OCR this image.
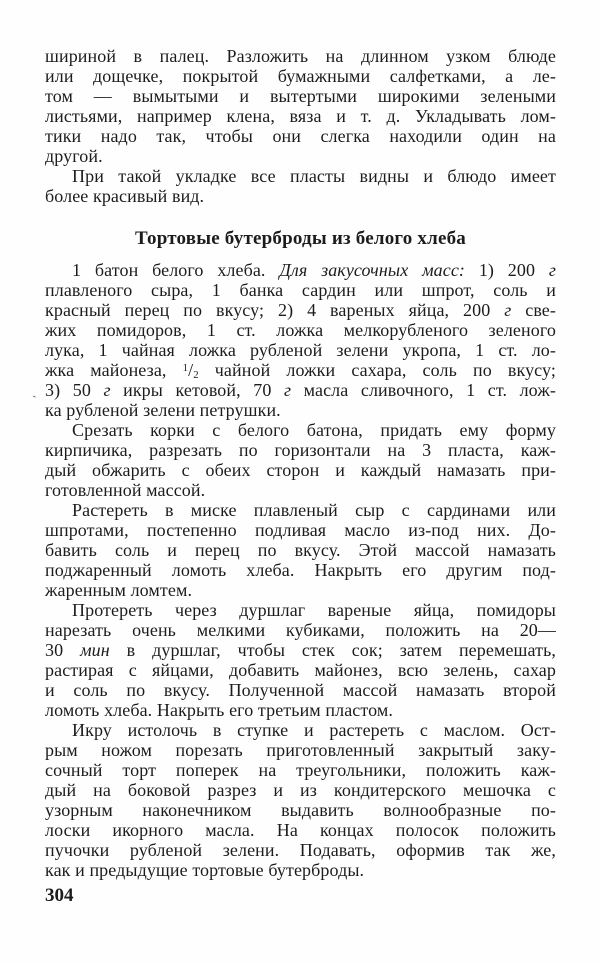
ˏ
шириной в палец. Разложить на длинном узком блюде
или дощечке, покрытой бумажными салфетками, а ле-
том — вымытыми и вытертыми широкими зелеными
листьями, например клена, вяза и т. д. Укладывать лом-
тики надо так, чтобы они слегка находили один на
другой.
При такой укладке все пласты видны и блюдо имеет
более красивый вид.
Тортовые бутерброды из белого хлеба
1 батон белого хлеба. Для закусочных масс: 1) 200 г
плавленого сыра, 1 банка сардин или шпрот, соль и
красный перец по вкусу; 2) 4 вареных яйца, 200 г све-
жих помидоров, 1 ст. ложка мелкорубленого зеленого
лука, 1 чайная ложка рубленой зелени укропа, 1 ст. ло-
жка майонеза, $^1/_2$ чайной ложки сахара, соль по вкусу;
3) 50 г икры кетовой, 70 г масла сливочного, 1 ст. лож-
ка рубленой зелени петрушки.
Срезать корки с белого батона, придать ему форму
кирпичика, разрезать по горизонтали на 3 пласта, каж-
дый обжарить с обеих сторон и каждый намазать при-
готовленной массой.
Растереть в миске плавленый сыр с сардинами или
шпротами, постепенно подливая масло из-под них. До-
бавить соль и перец по вкусу. Этой массой намазать
поджаренный ломоть хлеба. Накрыть его другим под-
жаренным ломтем.
Протереть через дуршлаг вареные яйца, помидоры
нарезать очень мелкими кубиками, положить на 20—
30 мин в дуршлаг, чтобы стек сок; затем перемешать,
растирая с яйцами, добавить майонез, всю зелень, сахар
и соль по вкусу. Полученной массой намазать второй
ломоть хлеба. Накрыть его третьим пластом.
Икру истолочь в ступке и растереть с маслом. Ост-
рым ножом порезать приготовленный закрытый заку-
сочный торт поперек на треугольники, положить каж-
дый на боковой разрез и из кондитерского мешочка с
узорным наконечником выдавить волнообразные по-
лоски икорного масла. На концах полосок положить
пучочки рубленой зелени. Подавать, оформив так же,
как и предыдущие тортовые бутерброды.
304
